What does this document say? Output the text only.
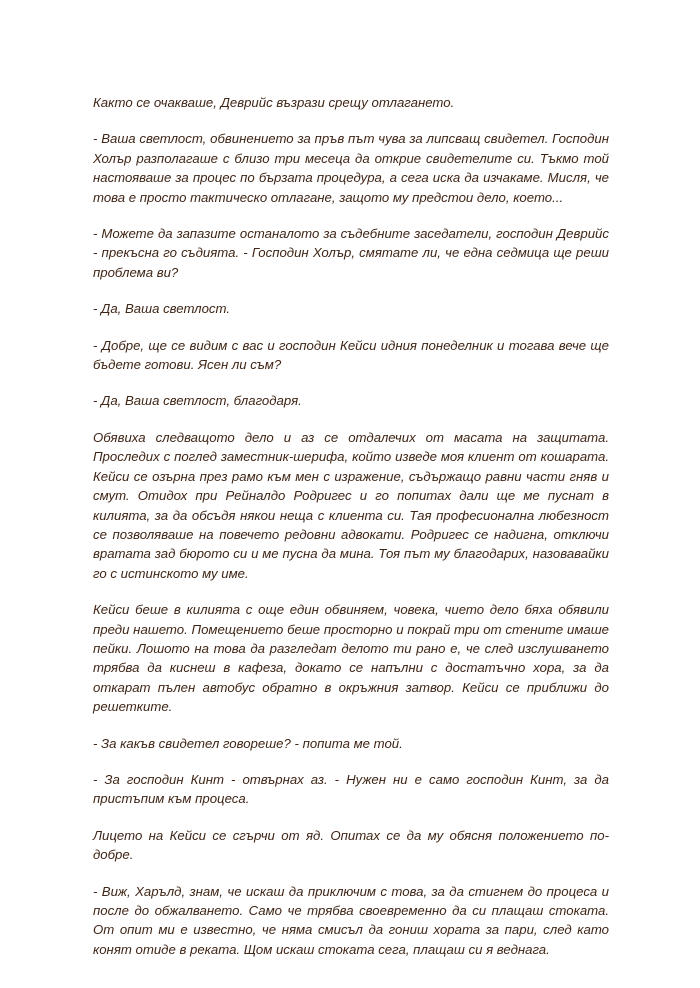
Както се очакваше, Деврийс възрази срещу отлагането.

- Ваша светлост, обвинението за пръв път чува за липсващ свидетел. Господин Холър разполагаше с близо три месеца да открие свидетелите си. Тъкмо той настояваше за процес по бързата процедура, а сега иска да изчакаме. Мисля, че това е просто тактическо отлагане, защото му предстои дело, което...

- Можете да запазите останалото за съдебните заседатели, господин Деврийс - прекъсна го съдията. - Господин Холър, смятате ли, че една седмица ще реши проблема ви?

- Да, Ваша светлост.

- Добре, ще се видим с вас и господин Кейси идния понеделник и тогава вече ще бъдете готови. Ясен ли съм?

- Да, Ваша светлост, благодаря.

Обявиха следващото дело и аз се отдалечих от масата на защитата. Проследих с поглед заместник-шерифа, който изведе моя клиент от кошарата. Кейси се озърна през рамо към мен с изражение, съдържащо равни части гняв и смут. Отидох при Рейналдо Родригес и го попитах дали ще ме пуснат в килията, за да обсъдя някои неща с клиента си. Тая професионална любезност се позволяваше на повечето редовни адвокати. Родригес се надигна, отключи вратата зад бюрото си и ме пусна да мина. Тоя път му благодарих, назовавайки го с истинското му име.

Кейси беше в килията с още един обвиняем, човека, чието дело бяха обявили преди нашето. Помещението беше просторно и покрай три от стените имаше пейки. Лошото на това да разгледат делото ти рано е, че след изслушването трябва да киснеш в кафеза, докато се напълни с достатъчно хора, за да откарат пълен автобус обратно в окръжния затвор. Кейси се приближи до решетките.

- За какъв свидетел говореше? - попита ме той.

- За господин Кинт - отвърнах аз. - Нужен ни е само господин Кинт, за да пристъпим към процеса.

Лицето на Кейси се сгърчи от яд. Опитах се да му обясня положението по-добре.

- Виж, Харълд, знам, че искаш да приключим с това, за да стигнем до процеса и после до обжалването. Само че трябва своевременно да си плащаш стоката. От опит ми е известно, че няма смисъл да гониш хората за пари, след като конят отиде в реката. Щом искаш стоката сега, плащаш си я веднага.
